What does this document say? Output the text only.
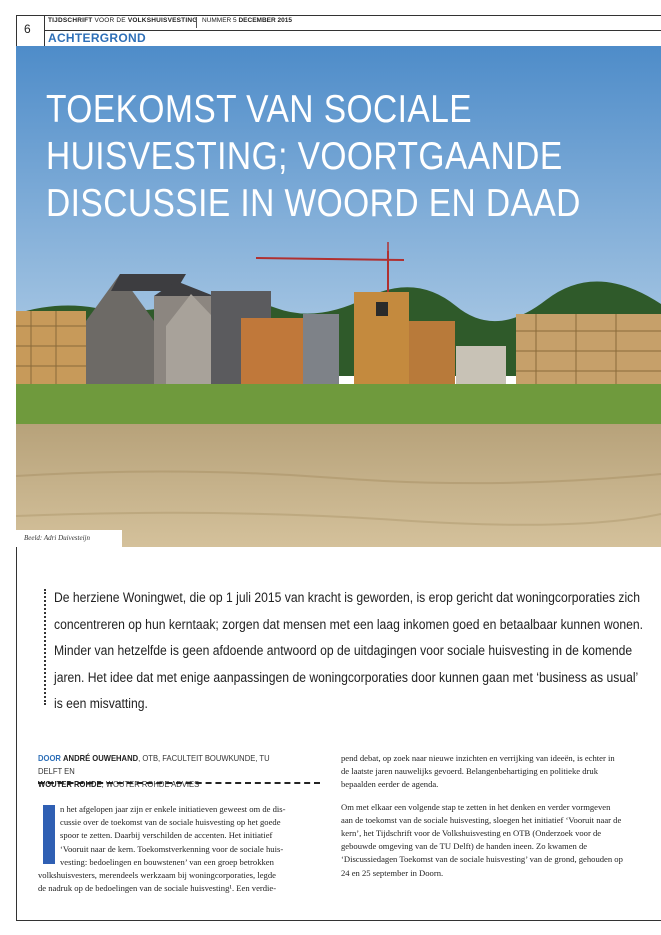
6
TIJDSCHRIFT VOOR DE VOLKSHUISVESTING NUMMER 5 DECEMBER 2015
ACHTERGROND
TOEKOMST VAN SOCIALE
HUISVESTING; VOORTGAANDE
DISCUSSIE IN WOORD EN DAAD
Beeld: Adri Duivesteijn
De herziene Woningwet, die op 1 juli 2015 van kracht is geworden, is erop gericht dat woningcorporaties zich concentreren op hun kerntaak; zorgen dat mensen met een laag inkomen goed en betaalbaar kunnen wonen. Minder van hetzelfde is geen afdoende antwoord op de uitdagingen voor sociale huisvesting in de komende jaren. Het idee dat met enige aanpassingen de woningcorporaties door kunnen gaan met ‘business as usual’ is een misvatting.
DOOR ANDRÉ OUWEHAND, OTB, FACULTEIT BOUWKUNDE, TU DELFT EN
WOUTER ROHDE, WOUTER ROHDE ADVIES
n het afgelopen jaar zijn er enkele initiatieven geweest om de dis-
cussie over de toekomst van de sociale huisvesting op het goede
spoor te zetten. Daarbij verschilden de accenten. Het initiatief
‘Vooruit naar de kern. Toekomstverkenning voor de sociale huis-
vesting: bedoelingen en bouwstenen’ van een groep betrokken
volkshuisvesters, merendeels werkzaam bij woningcorporaties, legde
de nadruk op de bedoelingen van de sociale huisvesting¹. Een verdie-

pend debat, op zoek naar nieuwe inzichten en verrijking van ideeën, is echter in de laatste jaren nauwelijks gevoerd. Belangenbehartiging en politieke druk bepaalden eerder de agenda.

Om met elkaar een volgende stap te zetten in het denken en verder vormgeven aan de toekomst van de sociale huisvesting, sloegen het initiatief ‘Vooruit naar de kern’, het Tijdschrift voor de Volkshuisvesting en OTB (Onderzoek voor de gebouwde omgeving van de TU Delft) de handen ineen. Zo kwamen de ‘Discussiedagen Toekomst van de sociale huisvesting’ van de grond, gehouden op 24 en 25 september in Doorn.
